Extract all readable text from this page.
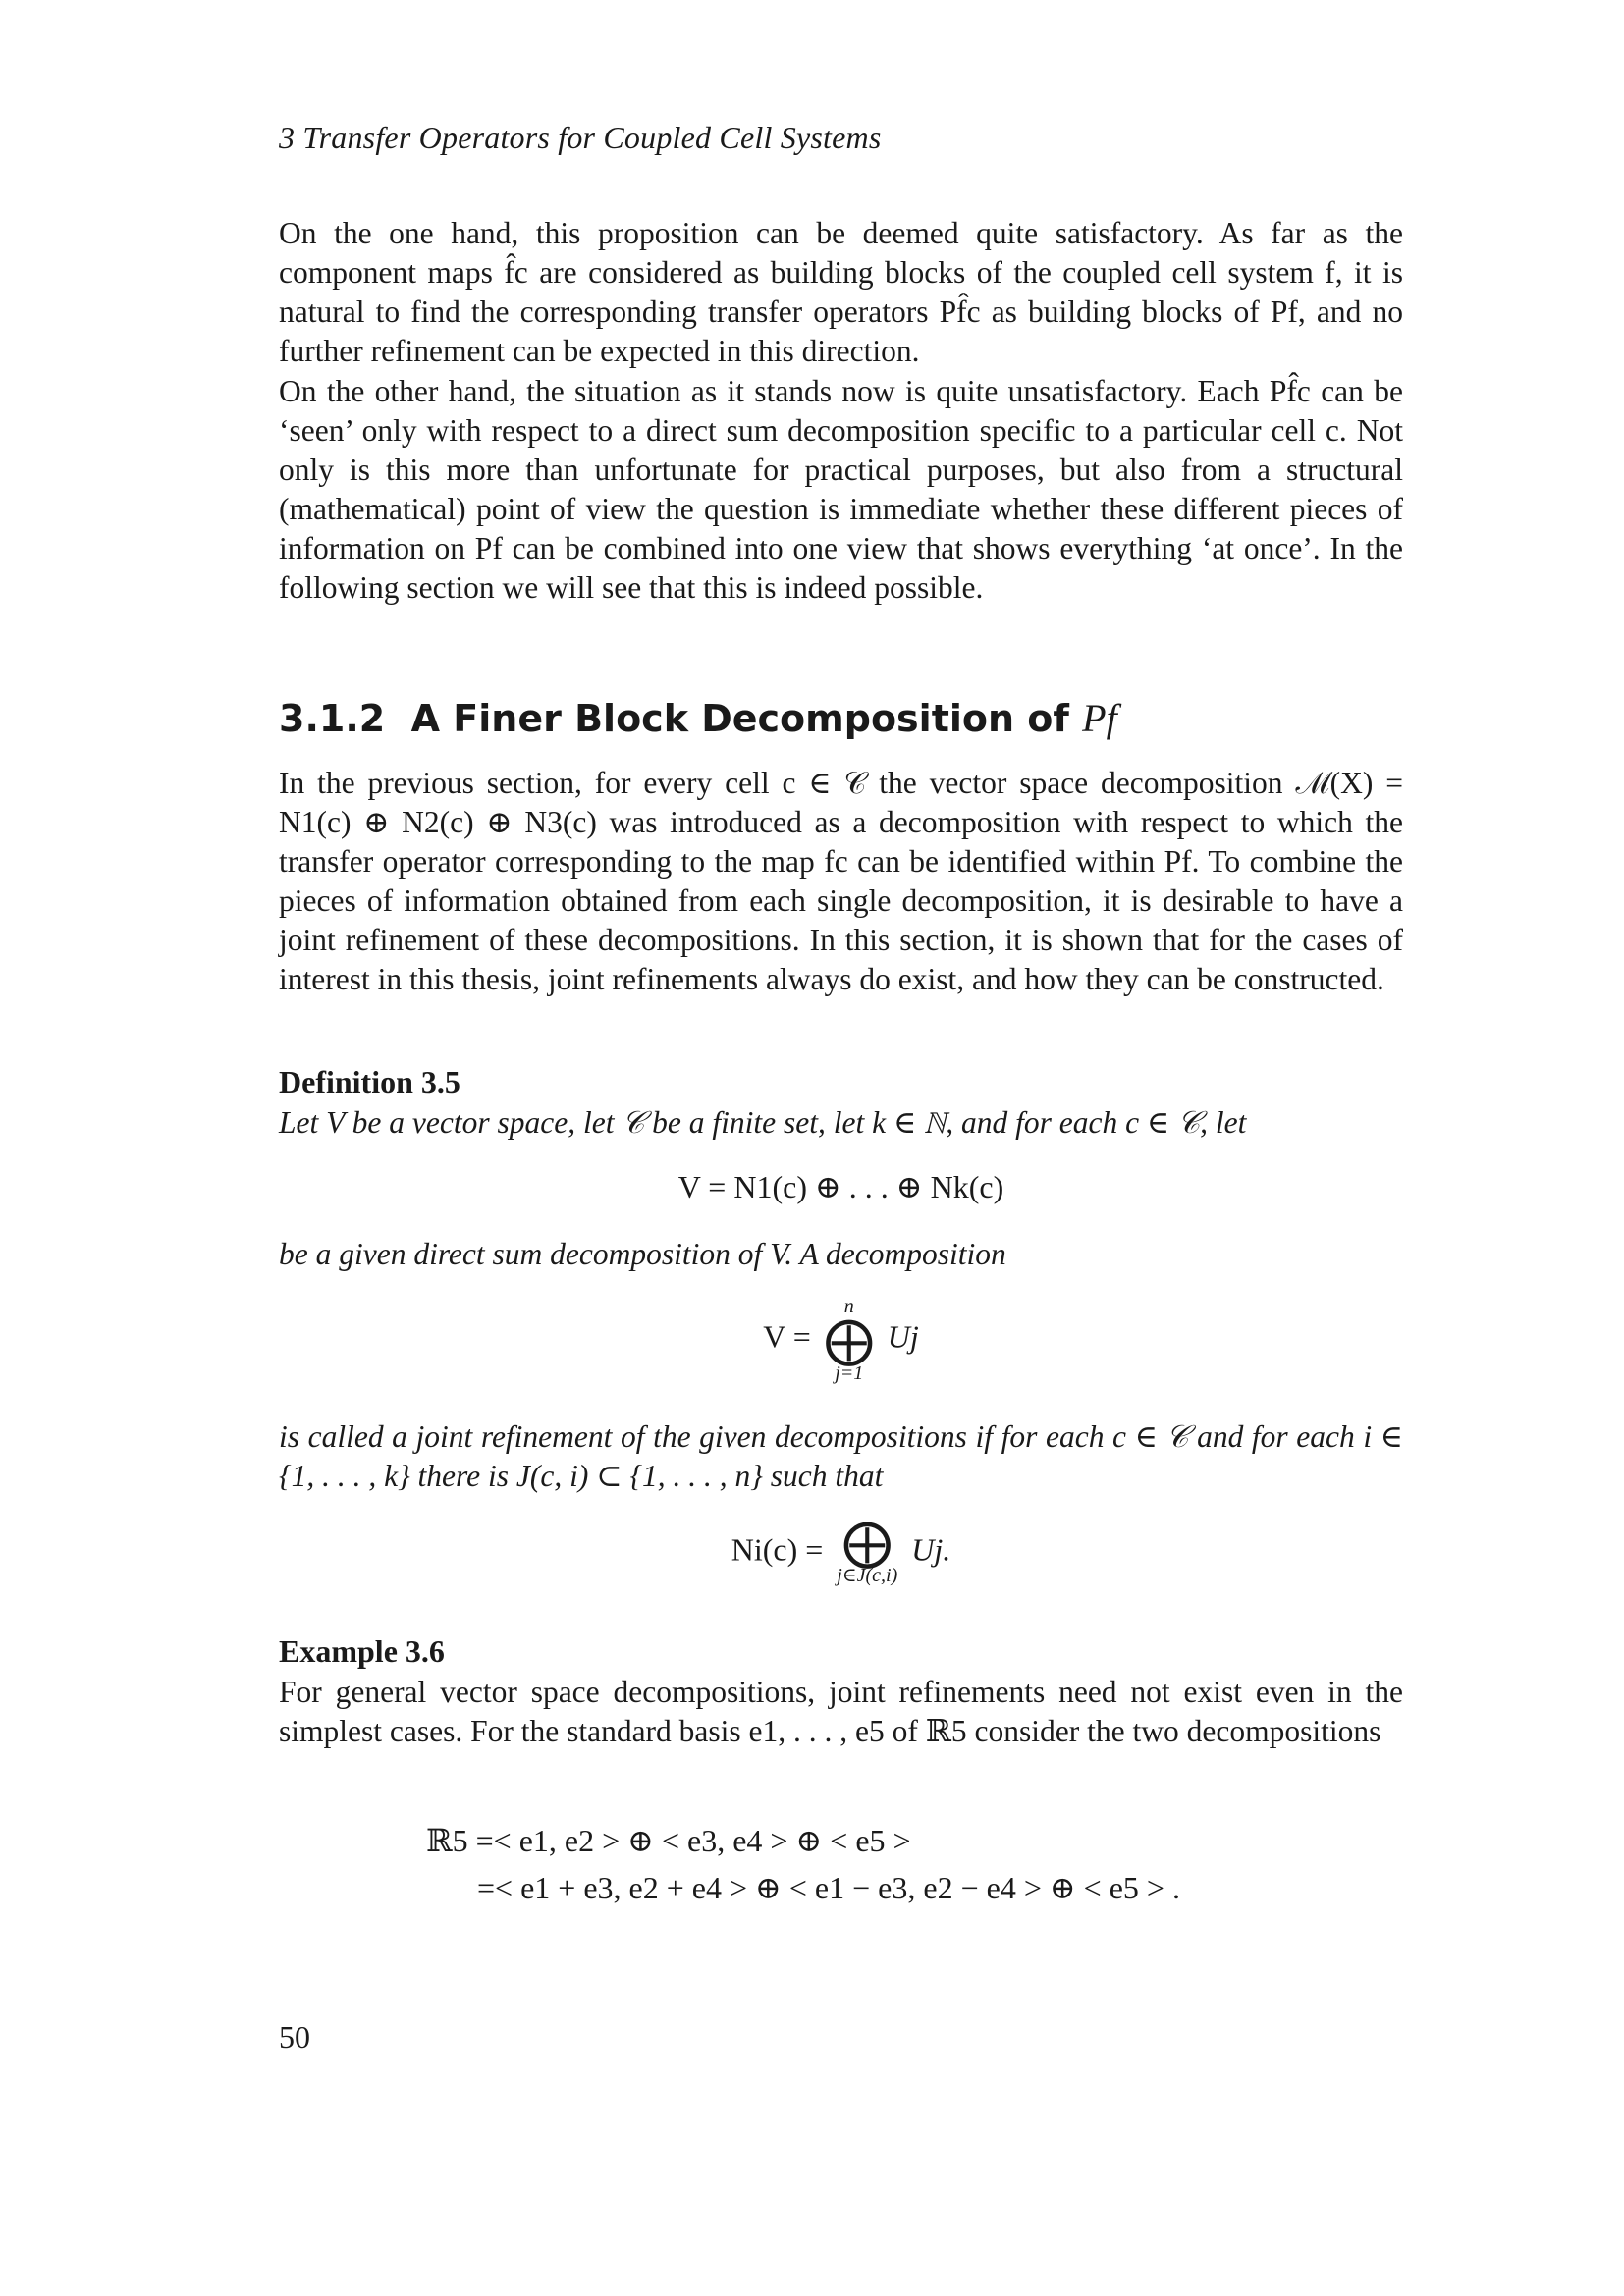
3 Transfer Operators for Coupled Cell Systems

On the one hand, this proposition can be deemed quite satisfactory. As far as the component maps f̂c are considered as building blocks of the coupled cell system f, it is natural to find the corresponding transfer operators Pf̂c as building blocks of Pf, and no further refinement can be expected in this direction.

On the other hand, the situation as it stands now is quite unsatisfactory. Each Pf̂c can be ‘seen’ only with respect to a direct sum decomposition specific to a particular cell c. Not only is this more than unfortunate for practical purposes, but also from a structural (mathematical) point of view the question is immediate whether these different pieces of information on Pf can be combined into one view that shows everything ‘at once’. In the following section we will see that this is indeed possible.

3.1.2 A Finer Block Decomposition of Pf

In the previous section, for every cell c ∈ 𝒞 the vector space decomposition ℳ(X) = N1(c) ⊕ N2(c) ⊕ N3(c) was introduced as a decomposition with respect to which the transfer operator corresponding to the map fc can be identified within Pf. To combine the pieces of information obtained from each single decomposition, it is desirable to have a joint refinement of these decompositions. In this section, it is shown that for the cases of interest in this thesis, joint refinements always do exist, and how they can be constructed.

Definition 3.5

Let V be a vector space, let 𝒞 be a finite set, let k ∈ ℕ, and for each c ∈ 𝒞, let

V = N1(c) ⊕ . . . ⊕ Nk(c)

be a given direct sum decomposition of V. A decomposition

V =
n
⨁
j=1
Uj

is called a joint refinement of the given decompositions if for each c ∈ 𝒞 and for each i ∈ {1, . . . , k} there is J(c, i) ⊂ {1, . . . , n} such that

Ni(c) = ⨁
j∈J(c,i)
Uj.
Example 3.6

For general vector space decompositions, joint refinements need not exist even in the simplest cases. For the standard basis e1, . . . , e5 of ℝ5 consider the two decompositions

ℝ5 =< e1, e2 > ⊕ < e3, e4 > ⊕ < e5 >
=< e1 + e3, e2 + e4 > ⊕ < e1 − e3, e2 − e4 > ⊕ < e5 > .
50
